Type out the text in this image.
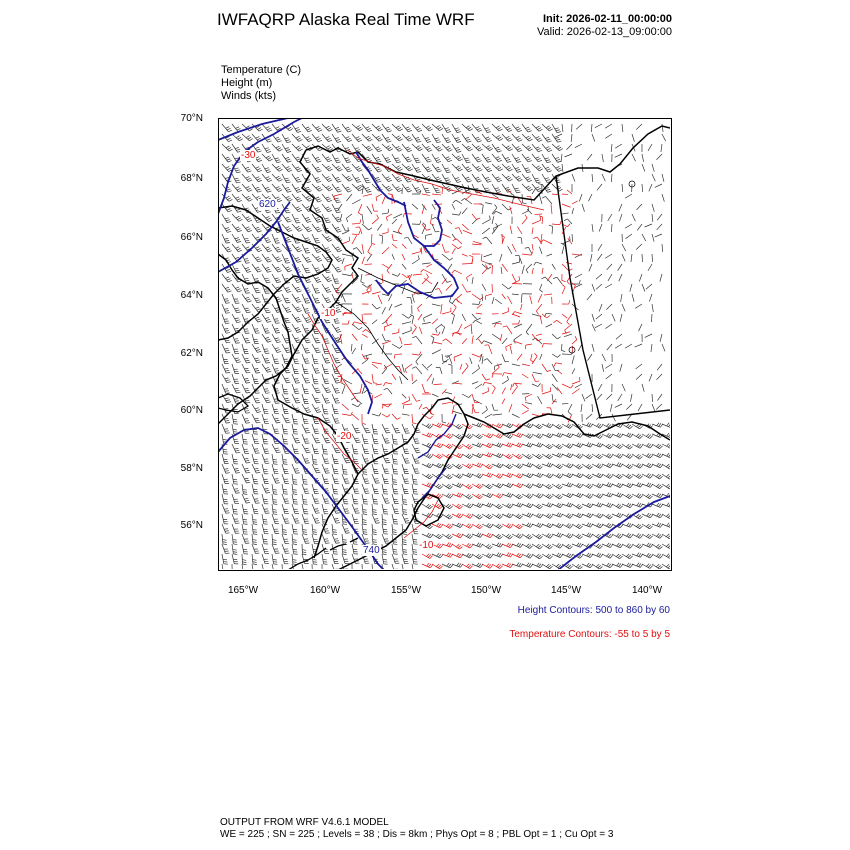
IWFAQRP Alaska Real Time WRF	Init: 2026-02-11_00:00:00
Valid: 2026-02-13_09:00:00
Temperature (C)
Height (m)
Winds (kts)
620
740
-30
-10
-20
-10
70°N
68°N
66°N
64°N
62°N
60°N
58°N
56°N
165°W	160°W	155°W	150°W	145°W	140°W
Height Contours: 500 to 860 by 60
Temperature Contours: -55 to 5 by 5
OUTPUT FROM WRF V4.6.1 MODEL
WE = 225 ; SN = 225 ; Levels = 38 ; Dis = 8km ; Phys Opt = 8 ; PBL Opt = 1 ; Cu Opt = 3
